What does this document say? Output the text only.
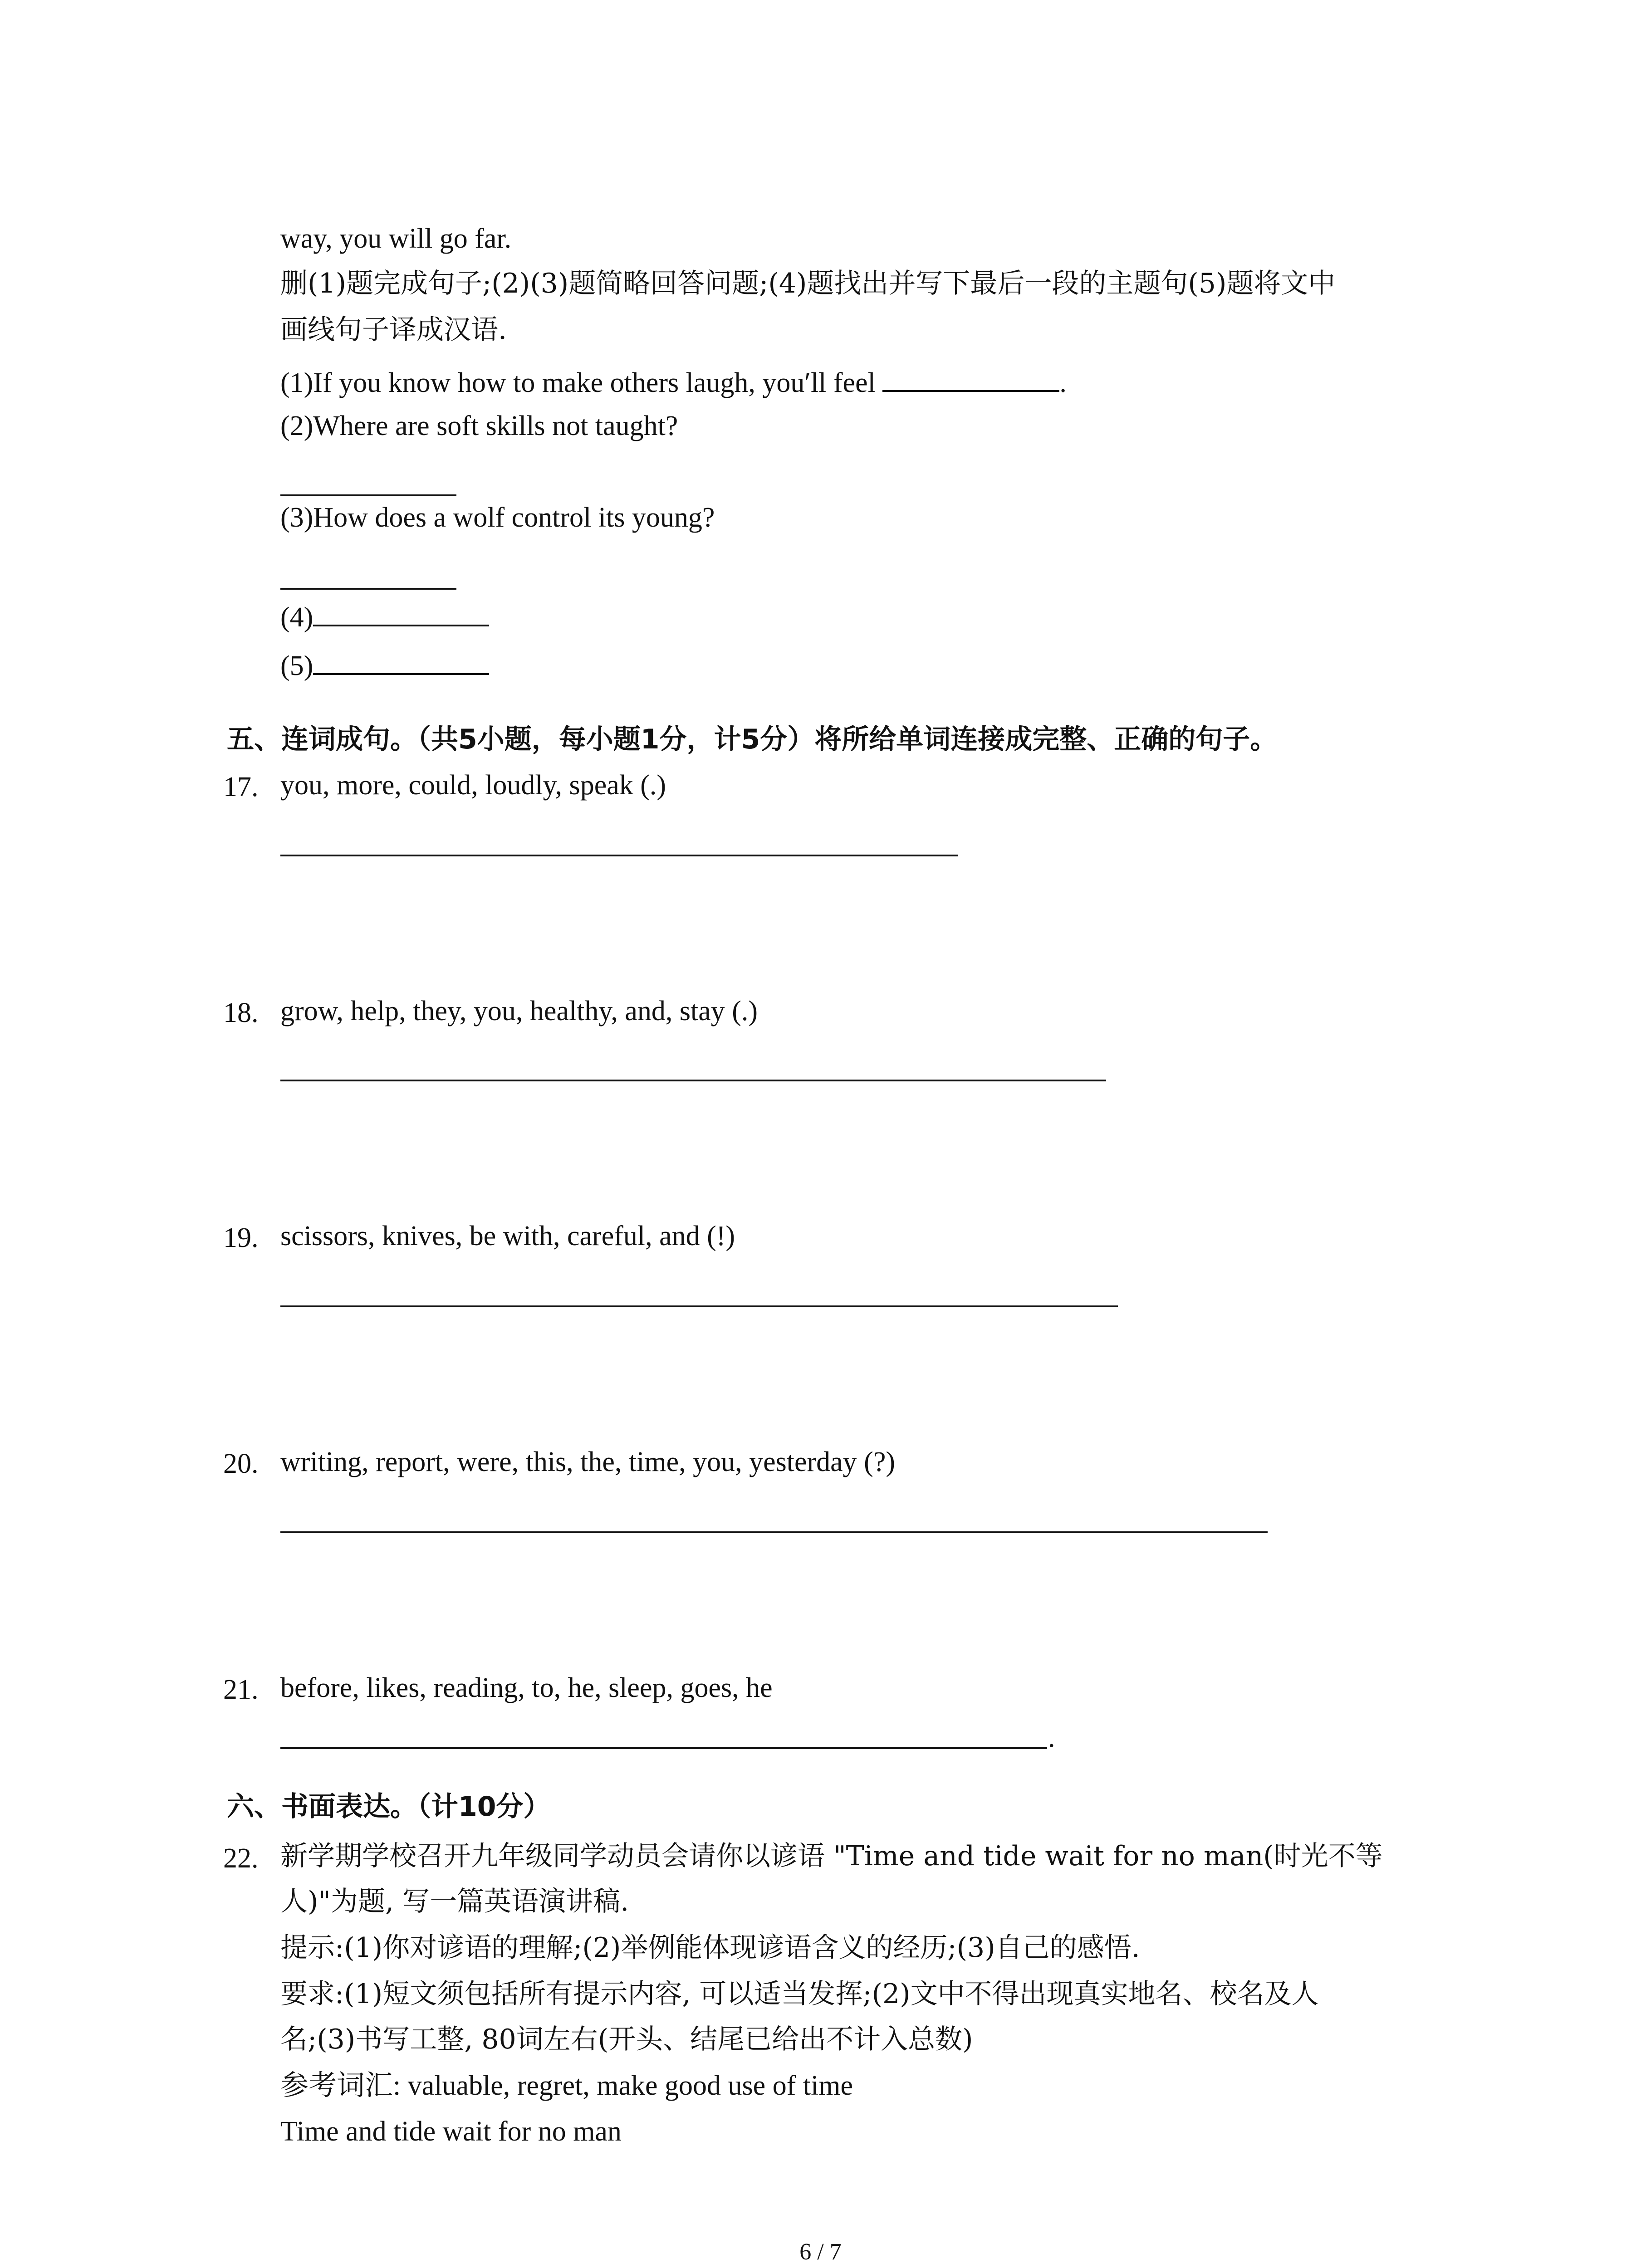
way, you will go far.
删(1)题完成句子;(2)(3)题简略回答问题;(4)题找出并写下最后一段的主题句(5)题将文中
画线句子译成汉语.
(1)If you know how to make others laugh, you′ll feel	.
(2)Where are soft skills not taught?
(3)How does a wolf control its young?
(4)
(5)
五、连词成句。（共5小题，每小题1分，计5分）将所给单词连接成完整、正确的句子。
17. you, more, could, loudly, speak (.)
18. grow, help, they, you, healthy, and, stay (.)
19. scissors, knives, be with, careful, and (!)
20. writing, report, were, this, the, time, you, yesterday (?)
21. before, likes, reading, to, he, sleep, goes, he
.
六、书面表达。（计10分）
22. 新学期学校召开九年级同学动员会请你以谚语 "Time and tide wait for no man(时光不等
人)"为题, 写一篇英语演讲稿.
提示:(1)你对谚语的理解;(2)举例能体现谚语含义的经历;(3)自己的感悟.
要求:(1)短文须包括所有提示内容, 可以适当发挥;(2)文中不得出现真实地名、校名及人
名;(3)书写工整, 80词左右(开头、结尾已给出不计入总数)
参考词汇: valuable, regret, make good use of time
Time and tide wait for no man
6 / 7
